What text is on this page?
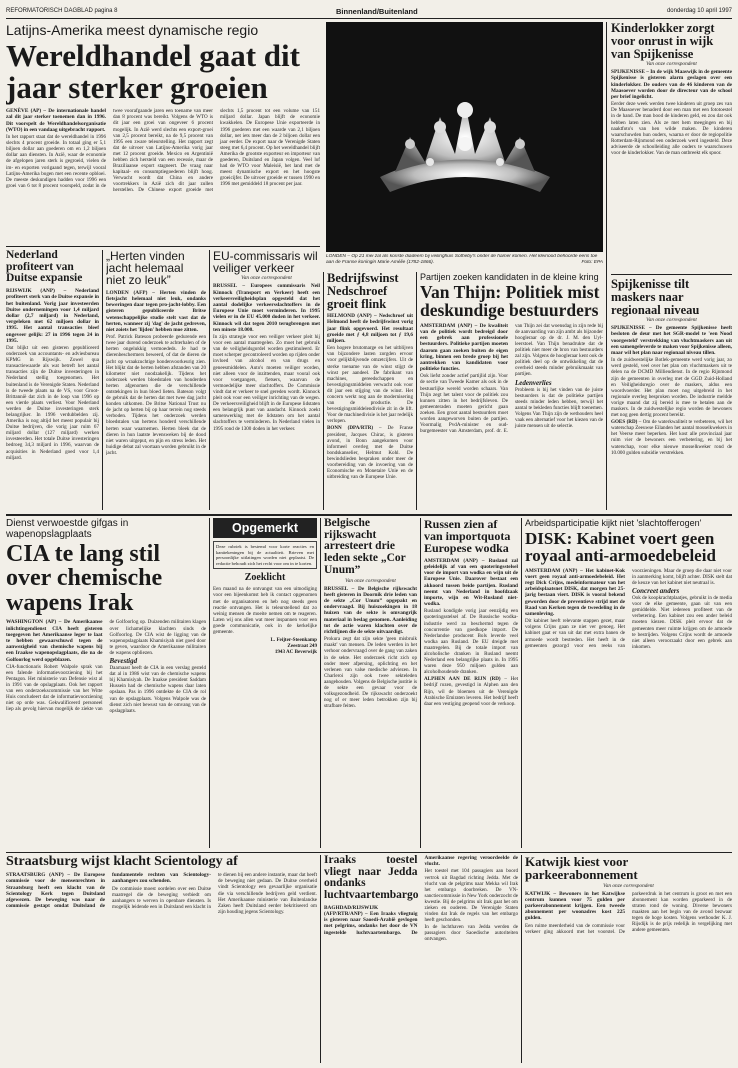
REFORMATORISCH DAGBLAD pagina 8	Binnenland/Buitenland	donderdag 10 april 1997
Latijns-Amerika meest dynamische regio
Wereldhandel gaat dit jaar sterker groeien

GENÈVE (AP) – De internationale handel zal dit jaar sterker toenemen dan in 1996. Dit voorspelt de Wereldhandelsorganisatie (WTO) in een vandaag uitgebracht rapport.

In het rapport staat dat de wereldhandel in 1996 slechts 4 procent groeide. In totaal ging er 5,1 biljoen dollar aan goederen om en 1,2 biljoen dollar aan diensten. In Azië, waar de economie de afgelopen jaren sterk is gegroeid, vielen de im- en exporten vorigaand tegen, terwijl vooral Latijns-Amerika bogen met een recente opbloei. De meeste deskundigen hadden voor 1996 een groei van 6 tot 8 procent voorspeld, zodat in de twee voorafgaande jaren een toename van meer dan 8 procent was bereikt. Volgens de WTO is dit jaar een groei van ongeveer 6 procent mogelijk. In Azië werd slechts een export-groei van 2,5 procent bereikt, na de 9,5 procent van 1995 een zware teleurstelling. Het rapport zegt dat de uitvoer van Latijns-Amerika vorig jaar met 12 procent groeide. Mexico en Argentinië hebben zich hersteld van een recessie, maar de Braziliaanse export stagneert. De vraag naar kapitaal- en consumptiegoederen blijft hoog. Verwacht wordt dat China en andere voortrekkers in Azië zich dit jaar zullen herstellen. De Chinese export groeide met slechts 1,5 procent tot een volume van 151 miljard dollar. Japan blijft de economie kwakkelen. De Europese Unie exporteerde in 1996 goederen met een waarde van 2,1 biljoen dollar, net iets meer dan de 2 biljoen dollar een jaar eerder. De export naar de Verenigde Staten steeg met 6,4 procent. Op het wereldhandel blijft Amerika de grootste exporteur en importeur van goederen, Duitsland en Japan volgen. Veel lof had de WTO voor Maleisië, het land met de meest dynamische export en het hoogste groeicijfer. De uitvoer groeide er tussen 1990 en 1996 met gemiddeld 18 procent per jaar.

LONDEN – Op 21 mei zal als koriste diadeem bij veilinghuis Sotheby's onder de hamer komen. Het kleinood behoorde eens toe aan de Franse koningin Marie Amélie (1782-1866).	Foto: EPA
Kinderlokker zorgt voor onrust in wijk van Spijkenisse
Van onze correspondent

SPIJKENISSE – In de wijk Maaswijk in de gemeente Spijkenisse is gisteren alarm geslagen over een kinderlokker. De ouders van de 46 kinderen van de Maasoever worden door de directeur van de school per brief ingelicht.

Eerder deze week werden twee kinderen uit groep zes van De Maasoever benaderd door een man met een fototoestel in de hand. De man bood de kinderen geld, en zou dat ook hebben laten zien. Als ze met hem meegingen en bij naaktfoto's van hen wilde maken. De kinderen waarschuwden hun ouders, waarna er door de regiopolitie Rotterdam-Rijnmond een onderzoek werd ingesteld. Deze adviseerde de schoolleiding alle ouders te waarschuwen voor de kinderlokker. Van de man ontbreekt elk spoor.

Spijkenisse tilt maskers naar regionaal niveau
Van onze correspondent

SPIJKENISSE – De gemeente Spijkenisse heeft besloten de deur met het SGR-model te 'een Nood voorgesteld' verstrekking van vluchtmaskers aan uit een samengeleverde te maken voor Spijkenisse alleen, maar wil het plan naar regionaal niveau tillen.

In de zuidwestelijke Botlek-gemeente werd vorig jaar, zo werd gesteld, veel over het plan om vluchtmaskers uit te delen na de DCMD Millieudienst. In de regio Rijnmond zijn de gemeenten in overleg met de GGD Zuid-Holland en Veiligheidsregio over de maskers, aldus een woordvoerder. Het plan moet nog uitgebreid in het regionale overleg besproken worden. De industrie meldde vorige maand dat zij bereid is mee te betalen aan de maskers. In de zuidwestelijke regio worden de bewoners met nog geen dertig procent bereikt.

GOES (RD) – Om de waterkwaliteit te verbeteren, wil het waterschap Zeeuwse Eilanden het aantal mosselkwekers in het Veerse meer beperken. Het kost alle provinciaal jaar ruim vier de bewoners een verbetering, en bij het waterschap, voor elke nieuwe mosselkweker rond de 10.000 gulden subsidie verstrekken.

Nederland profiteert van Duitse expansie

RIJSWIJK (ANP) – Nederland profiteert sterk van de Duitse expansie in het buitenland. Vorig jaar investeerden Duitse ondernemingen voor 1,4 miljard dollar (2,7 miljard) in Nederland, vergeleken met 62 miljoen dollar in 1995. Het aantal transacties bleef ongeveer gelijk: 27 in 1996 tegen 24 in 1995.

Dat blijkt uit een gisteren gepubliceerd onderzoek van accountants- en adviesbureau KPMG in Rijswijk. Zowel qua transactiewaarde als wat betreft het aantal transacties zijn de Duitse investeringen in Nederland stellig toegenomen. Het buitenland is de Verenigde Staten. Nederland is de tweede plaats na de VS, voor Groot-Brittannië dat zich in de loop van 1996 op een vierde plaats verliest. Voor Nederland werden de Duitse investeringen sterk belangrijker. In 1996 verdubbelden zij. Amerika is nog altijd het meest populair bij Duitse bedrijven, die vorig jaar ruim 67 miljard dollar (127 miljard) werken investeerden. Het totale Duitse investeringen bedroeg 34,3 miljard in 1996, waarvan de acquisities in Nederland goed voor 1,4 miljard.

„Herten vinden jacht helemaal niet zo leuk”

LONDEN (AFP) – Herten vinden de fietsjacht helemaal niet leuk, ondanks beweringen daar tegen pro-jacht-lobby. Een gisteren gepubliceerde Britse wetenschappelijke studie stelt vast dat de herten, wanneer zij 'dag' de jacht gedreven, niet zoiets het 'lijden' hebben moe zitten.

Prof. Patrick Bateson probeerde gedurende een twee jaar durend onderzoek te achterhalen of de herten ongelukkig vermoededs. Je had te dierenbeschermers beweerd, of dat de dieren de jacht op wraakzuchtige hondenvoorkeurig zien. Het blijkt dat de herten hebben afstanden van 20 kilometer niet noodzakelijk. Tijdens het onderzoek werden bloedstalen van honderden herten afgenomen die de verschillende ontstekingen in hun bloed lieten. Bateson volgt de gebruik dat de herten dat met twee dag jacht konden uitkomen. De Britse National Trust nu de jacht op herten bij op haar terrein nog steeds verboden. Tijdens het onderzoek werden bloedstalen van hertens honderd verschillende herten waar waarnemen. Herten bleek dat de dieren in hun laatste levensweken bij de dood niet waren uitgeput, en pijn en stress leden. Het huidige debat zal voortaan worden gebruikt in de jacht.

EU-commissaris wil veiliger verkeer
Van onze correspondent

BRUSSEL – Europees commissaris Neil Kinnock (Transport en Verkeer) heeft een verkeersveiligheidsplan opgesteld dat het aantal dodelijke verkeersslachtoffers in de Europese Unie moet verminderen. In 1995 vielen er in de EU 45.000 doden in het verkeer. Kinnock wil dat tegen 2010 terugbrengen met ten minste 18.000.

In zijn strategie voor een veiliger verkeer pleit hij voor een aantal maatregelen. Zo moet het gebruik van de veiligheidsgordel worden gestimuleerd. Er moet scherper gecontroleerd worden op rijden onder invloed van alcohol en van drugs en geneesmiddelen. Auto's moeten veiliger worden, niet alleen voor de inzittenden, maar vooral ook voor voetgangers, fietsers, waarvan de vermoedelijke meer slachtoffers. De Commissie vindt dat er verkeer te snel gereden wordt. Kinnock pleit ook voor een veiliger inrichting van de wegen. De verkeersveiligheid blijft in de Europese lidstaten een belangrijk punt van aandacht. Kinnock zoekt samenwerking met de lidstaten om het aantal slachtoffers te verminderen. In Nederland vielen in 1995 rond de 1300 doden in het verkeer.

Bedrijfswinst Nedschroef groeit flink

HELMOND (ANP) – Nedschroef uit Helmond heeft de bedrijfswinst vorig jaar flink opgevoerd. Het resultaat groeide met ƒ 4,8 miljoen tot ƒ 19,6 miljoen.

Een hogere brutomarge en het uitblijven van bijzondere lasten zorgden ervoor voor gelijkblijvende omzetcijfers. Uit de sterke toename van de winst stijgt de winst per aandeel. De fabrikant van machines, gereedschappen en bevestigingsmiddelen verwacht ook voor dit jaar een stijging van de winst. Het concern werkt nog aan de modernisering van de productie. De bevestigingsmiddelendivisie zit in de lift. Voor de machinedivisie is het jaar redelijk verlopen.

BONN (DPA/RTR) – De Franse president, Jacques Chirac, is gisteren avond, in Bonn aangekomen voor informeel overleg met de Duitse bondskanselier, Helmut Kohl. De bewindslieden bespraken onder meer de voorbereiding van de invoering van de Economische en Monetaire Unie en de uitbreiding van de Europese Unie.

Partijen zoeken kandidaten in de kleine kring
Van Thijn: Politiek mist deskundige bestuurders

AMSTERDAM (ANP) – De kwaliteit van de politiek wordt bedreigd door een gebrek aan professionele bestuurders. Politieke partijen moeten daarom gaan zoeken buiten de eigen kring, binnen een brede groep bij het aantrekken van kandidaten voor politieke functies.

Ook liefst zonder actief partijlid zijn. Voor de sectie van Tweede Kamer als ook in de bestuurlijke wereld worden schaars. Van Thijn zegt het talent voor de politiek zou kunnen zitten in het bedrijfsleven. De gemeenteraden moeten gericht gaan zoeken. Een groot aantal bestuurders moet worden aangeworven buiten de partijen. Voormalig PvdA-minister en oud-burgemeester van Amsterdam, prof. dr. E. van Thijn zei dat woensdag in zijn rede bij de aanvaarding van zijn ambt als bijzonder hoogleraar op de dr. J. M. den Uyl-leerstoel. Van Thijn benadrukte dat de politiek niet meer de bron van bestuurders zal zijn. Volgens de hoogleraar kent ook de politiek deel op de ontwikkeling dat de overheid steeds minder gebruikmaakt van partijen.

Ledenverlies

Probleem is bij het vinden van de juiste bestuurders is dat de politieke partijen steeds minder leden hebben, terwijl het aantal te bekleden functies blijft toenemen. Volgens Van Thijn zijn de wethouders heel vaak een alternatief voor het kiezen van de juiste mensen uit de selectie.

Dienst verwoestde gifgas in wapenopslagplaats
CIA te lang stil over chemische wapens Irak

WASHINGTON (AP) – De Amerikaanse inlichtingendienst CIA heeft gisteren toegegeven het Amerikaanse leger te laat te hebben gewaarschuwd tegen de aanwezigheid van chemische wapens bij een Iraakse wapenopslagplaats, die na de Golfoorlog werd opgeblazen.

CIA-functionaris Robert Walpole sprak van een falende informatievoorziening bij het Pentagon. Het ministerie van Defensie wist al in 1991 van de opslagplaats. Ook het rapport van een onderzoekscommissie van het Witte Huis concludeert dat de informatievoorziening niet op orde was. Gekwalificeerd personeel liep als gevolg hiervan mogelijk de ziekte van de Golfoorlog op. Duizenden militairen klagen over lichamelijke klachten sinds de Golfoorlog. De CIA wist de ligging van de wapenopslagplaats Khamisiyah niet goed door te geven, waardoor de Amerikaanse militairen de wapens opbliezen.

Bevestigd

Daarnaast heeft de CIA in een verslag gesteld dat al in 1986 wist van de chemische wapens bij Khamisiyah. De Iraakse president Saddam Hussein had de chemische wapens daar laten opslaan. Pas in 1996 ontdekte de CIA de rol van de opslagplaats. Volgens Walpole was de dienst zich niet bewust van de omvang van de opslagplaats.

Opgemerkt
Deze rubriek is bestemd voor korte reacties en kanttekeningen bij de actualiteit. Brieven met persoonlijke uitlatingen worden niet geplaatst. De redactie behoudt zich het recht voor om in te korten.
Zoeklicht
Een maand na de ontvangst van een uitnodiging voor een bijeenkomst heb ik contact opgenomen met de organisatoren en heb nog steeds geen reactie ontvangen. Het is teleurstellend dat zo weinig mensen de moeite nemen om te reageren. Laten wij ons allen wat meer inspannen voor een goede communicatie, ook in de kerkelijke gemeente.
L. Feijter-Steenkamp
Zeestraat 249
1943 AC Beverwijk
Belgische rijkswacht arresteert drie leden sekte „Cor Unum”
Van onze correspondent

BRUSSEL – De Belgische rijkswacht heeft gisteren in Doornik drie leden van de sekte „Cor Unum” opgepakt en ondervraagd. Bij huiszoekingen in 18 huizen van de sekte is omvangrijk materiaal in beslag genomen. Aanleiding tot de actie waren klachten over de richtlijnen die de sekte uitvaardigt.

Prokura zegt dat zijn sekte 'geen misbruik maakt' van mensen. De leden werden in het verhoor ondervraagd over de gang van zaken in de sekte. Het onderzoek richt zich op onder meer afpersing, oplichting en het verlenen van valse medische adviezen. In Charleroi zijn ook twee sekteleden aangehouden. Volgens de Belgische justitie is de sekte een gevaar voor de volksgezondheid. De rijkswacht onderzoekt nog of er meer leden betrokken zijn bij strafbare feiten.

Russen zien af van importquota Europese wodka

AMSTERDAM (ANP) – Rusland zal geleidelijk af van een quoteringsstelsel voor de import van wodka en wijn uit de Europese Unie. Daarover bestaat een akkoord tussen beide partijen. Rusland neemt van Nederland in hoofdzaak importe, wijn en Wit-Rusland niet-wodka.

Rusland kondigde vorig jaar eenzijdig een quoteringsstelsel af. De Russische wodka-industrie werd zo beschermd tegen de concurrentie van goedkope import. De Nederlandse producent Bols leverde veel wodka aan Rusland. De EU dreigde met maatregelen. Bij de totale import van alcoholische dranken in Rusland neemt Nederland een belangrijke plaats in. In 1995 waren deze 950 miljoen gulden aan alcoholhoudende dranken.

ALPHEN AAN DE RIJN (RD) – Het bedrijf rozen, gevestigd in Alphen aan den Rijn, wil de bloemen uit de Verenigde Arabische Emiraten leveren. Het bedrijf heeft daar een vestiging geopend voor de verkoop.

Arbeidsparticipatie kijkt niet 'slachtofferogen'
DISK: Kabinet voert geen royaal anti-armoedebeleid

AMSTERDAM (ANP) – Het kabinet-Kok voert geen royaal anti-armoedebeleid. Het regt Dick Crijns, medeinformateur van het arbeidsplaatsnet DISK, dat morgen het 25-jarig bestaan viert. DISK is vooral bekend geworden door de preventieve strijd met de Raad van Kerken tegen de tweedeling in de samenleving.

Dit kabinet heeft relevante stappen gezet, maar volgens Crijns gaan ze niet ver genoeg. Het kabinet gaat er van uit dat met extra banen de armoede wordt bestreden. Het heeft in de gemeenten gezorgd voor een reeks van voorzieningen. Maar de groep die daar niet voor in aanmerking komt, blijft achter. DISK stelt dat de keuze van het kabinet niet neutraal is.

Concreet anders

Ook de koopkrachtplaatjes, gebruikt in de media voor de elke gemeente, gaan uit van een gemiddelde. Niet iedereen profiteert van de verbetering. Een kabinet zou een ander beleid moeten kiezen. DISK pleit ervoor dat de gemeenten meer ruimte krijgen om de armoede te bestrijden. Volgens Crijns wordt de armoede niet alleen veroorzaakt door een gebrek aan inkomen.

Straatsburg wijst klacht Scientology af

STRAATSBURG (ANP) – De Europese commissie voor de mensenrechten in Straatsburg heeft een klacht van de Scientology Kerk tegen Duitsland afgewezen. De beweging was naar de commissie gestapt omdat Duitsland de fundamentele rechten van Scientology-aanhangers zou schenden.

De commissie moest oordelen over een Duitse maatregel die de beweging verbiedt om aanhangers te werven in openbare diensten. Is mogelijk leidende een in Duitsland een klacht in te dienen bij een andere instantie, maar dat heeft de beweging niet gedaan. De Duitse overheid vindt Scientology een gevaarlijke organisatie die via verschillende bedrijven geld verdient. Het Amerikaanse ministerie van Buitenlandse Zaken heeft Duitsland eerder bekritiseerd om zijn houding jegens Scientology.

Iraaks toestel vliegt naar Jedda ondanks luchtvaartembargo

BAGHDAD/RIJSWIJK (AFP/RTR/ANP) – Een Iraaks vliegtuig is gisteren naar Saoedi-Arabië gevlogen met pelgrims, ondanks het door de VN ingestelde luchtvaartembargo. De Amerikaanse regering veroordeelde de vlucht.

Het toestel met 104 passagiers aan boord vertrok uit Bagdad richting Jedda. Met de vlucht van de pelgrims naar Mekka wil Irak het embargo doorbreken. De VN-sanctiecommissie in New York onderzocht de kwestie. Bij de pelgrims uit Irak gaat het om zieken en ouderen. De Verenigde Staten vinden dat Irak de regels van het embargo heeft geschonden.

In de luchthaven van Jedda werden de passagiers door Saoedische autoriteiten ontvangen.

Katwijk kiest voor parkeerabonnement
Van onze correspondent

KATWIJK – Bewoners in het Katwijkse centrum kunnen voor 75 gulden per parkeerabonnement krijgen. Een tweede abonnement per woonadres kost 225 gulden.

Een ruime meerderheid van de commissie voor verkeer ging akkoord met het voorstel. De parkeerdruk in het centrum is groot en met een abonnement kan worden geparkeerd in de straten rond de woning. Diverse bewoners maakten aan het begin van de avond bezwaar tegen de hoge kosten. Volgens wethouder K. J. Rijsdijk is de prijs redelijk in vergelijking met andere gemeenten.
